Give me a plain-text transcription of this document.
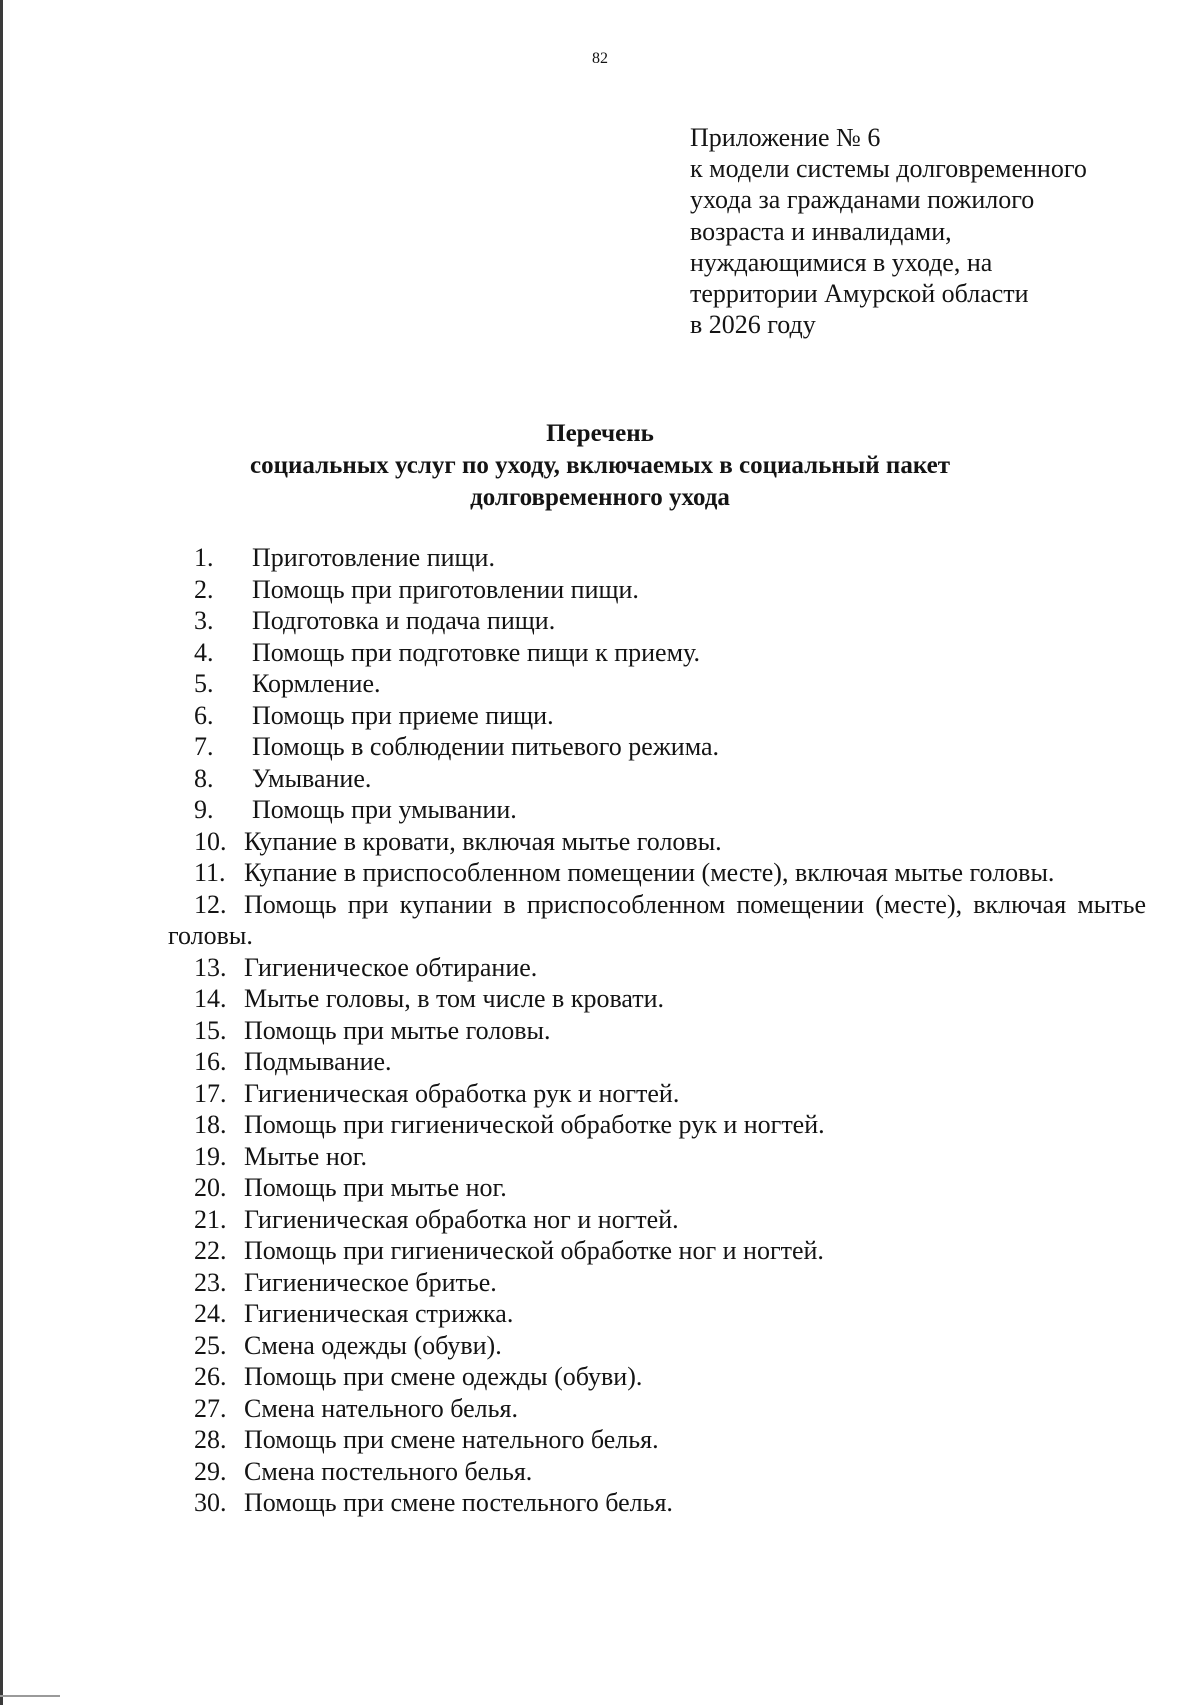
82
Приложение № 6
к модели системы долговременного
ухода за гражданами пожилого
возраста и инвалидами,
нуждающимися в уходе, на
территории Амурской области
в 2026 году
Перечень
социальных услуг по уходу, включаемых в социальный пакет
долговременного ухода
1. Приготовление пищи.
2. Помощь при приготовлении пищи.
3. Подготовка и подача пищи.
4. Помощь при подготовке пищи к приему.
5. Кормление.
6. Помощь при приеме пищи.
7. Помощь в соблюдении питьевого режима.
8. Умывание.
9. Помощь при умывании.
10. Купание в кровати, включая мытье головы.
11. Купание в приспособленном помещении (месте), включая мытье головы.
12. Помощь при купании в приспособленном помещении (месте), включая мытье головы.
13. Гигиеническое обтирание.
14. Мытье головы, в том числе в кровати.
15. Помощь при мытье головы.
16. Подмывание.
17. Гигиеническая обработка рук и ногтей.
18. Помощь при гигиенической обработке рук и ногтей.
19. Мытье ног.
20. Помощь при мытье ног.
21. Гигиеническая обработка ног и ногтей.
22. Помощь при гигиенической обработке ног и ногтей.
23. Гигиеническое бритье.
24. Гигиеническая стрижка.
25. Смена одежды (обуви).
26. Помощь при смене одежды (обуви).
27. Смена нательного белья.
28. Помощь при смене нательного белья.
29. Смена постельного белья.
30. Помощь при смене постельного белья.
